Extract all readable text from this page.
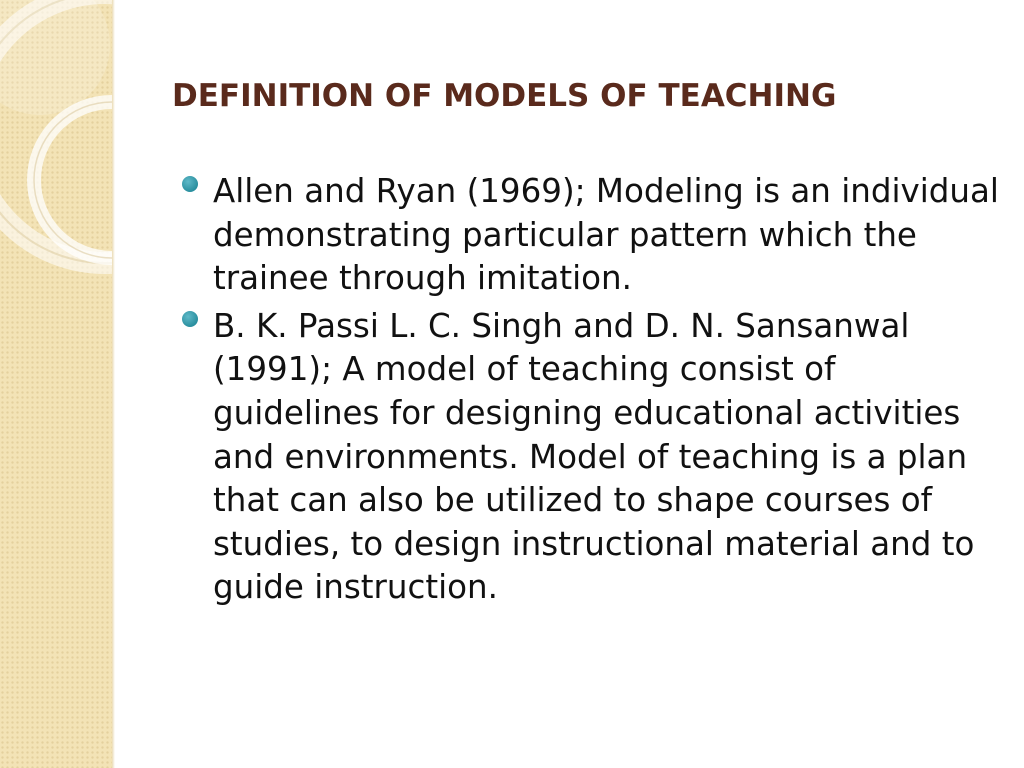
DEFINITION OF MODELS OF TEACHING
Allen and Ryan (1969); Modeling is an individual demonstrating particular pattern which the trainee through imitation.
B. K. Passi L. C. Singh and D. N. Sansanwal (1991); A model of teaching consist of guidelines for designing educational activities and environments. Model of teaching is a plan that can also be utilized to shape courses of studies, to design instructional material and to guide instruction.
